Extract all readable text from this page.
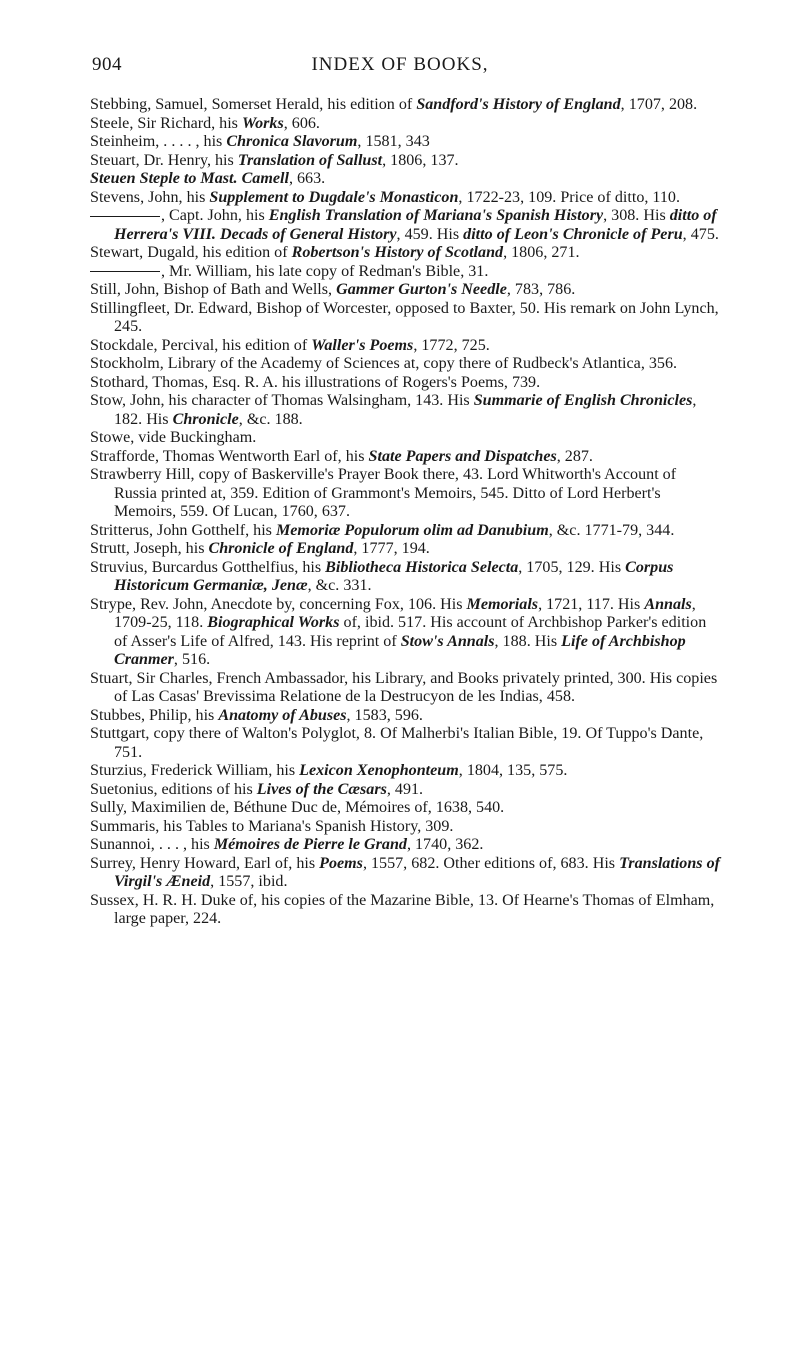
904	INDEX OF BOOKS,

Stebbing, Samuel, Somerset Herald, his edition of Sandford's History of England, 1707, 208.

Steele, Sir Richard, his Works, 606.

Steinheim, . . . . , his Chronica Slavorum, 1581, 343

Steuart, Dr. Henry, his Translation of Sallust, 1806, 137.

Steuen Steple to Mast. Camell, 663.

Stevens, John, his Supplement to Dugdale's Monasticon, 1722-23, 109. Price of ditto, 110.

, Capt. John, his English Translation of Mariana's Spanish History, 308. His ditto of Herrera's VIII. Decads of General History, 459. His ditto of Leon's Chronicle of Peru, 475.

Stewart, Dugald, his edition of Robertson's History of Scotland, 1806, 271.

, Mr. William, his late copy of Redman's Bible, 31.

Still, John, Bishop of Bath and Wells, Gammer Gurton's Needle, 783, 786.

Stillingfleet, Dr. Edward, Bishop of Worcester, opposed to Baxter, 50. His remark on John Lynch, 245.

Stockdale, Percival, his edition of Waller's Poems, 1772, 725.

Stockholm, Library of the Academy of Sciences at, copy there of Rudbeck's Atlantica, 356.

Stothard, Thomas, Esq. R. A. his illustrations of Rogers's Poems, 739.

Stow, John, his character of Thomas Walsingham, 143. His Summarie of English Chronicles, 182. His Chronicle, &c. 188.

Stowe, vide Buckingham.

Strafforde, Thomas Wentworth Earl of, his State Papers and Dispatches, 287.

Strawberry Hill, copy of Baskerville's Prayer Book there, 43. Lord Whitworth's Account of Russia printed at, 359. Edition of Grammont's Memoirs, 545. Ditto of Lord Herbert's Memoirs, 559. Of Lucan, 1760, 637.

Stritterus, John Gotthelf, his Memoriæ Populorum olim ad Danubium, &c. 1771-79, 344.

Strutt, Joseph, his Chronicle of England, 1777, 194.

Struvius, Burcardus Gotthelfius, his Bibliotheca Historica Selecta, 1705, 129. His Corpus Historicum Germaniæ, Jenæ, &c. 331.

Strype, Rev. John, Anecdote by, concerning Fox, 106. His Memorials, 1721, 117. His Annals, 1709-25, 118. Biographical Works of, ibid. 517. His account of Archbishop Parker's edition of Asser's Life of Alfred, 143. His reprint of Stow's Annals, 188. His Life of Archbishop Cranmer, 516.

Stuart, Sir Charles, French Ambassador, his Library, and Books privately printed, 300. His copies of Las Casas' Brevissima Relatione de la Destrucyon de les Indias, 458.

Stubbes, Philip, his Anatomy of Abuses, 1583, 596.

Stuttgart, copy there of Walton's Polyglot, 8. Of Malherbi's Italian Bible, 19. Of Tuppo's Dante, 751.

Sturzius, Frederick William, his Lexicon Xenophonteum, 1804, 135, 575.

Suetonius, editions of his Lives of the Cæsars, 491.

Sully, Maximilien de, Béthune Duc de, Mémoires of, 1638, 540.

Summaris, his Tables to Mariana's Spanish History, 309.

Sunannoi, . . . , his Mémoires de Pierre le Grand, 1740, 362.

Surrey, Henry Howard, Earl of, his Poems, 1557, 682. Other editions of, 683. His Translations of Virgil's Æneid, 1557, ibid.

Sussex, H. R. H. Duke of, his copies of the Mazarine Bible, 13. Of Hearne's Thomas of Elmham, large paper, 224.
